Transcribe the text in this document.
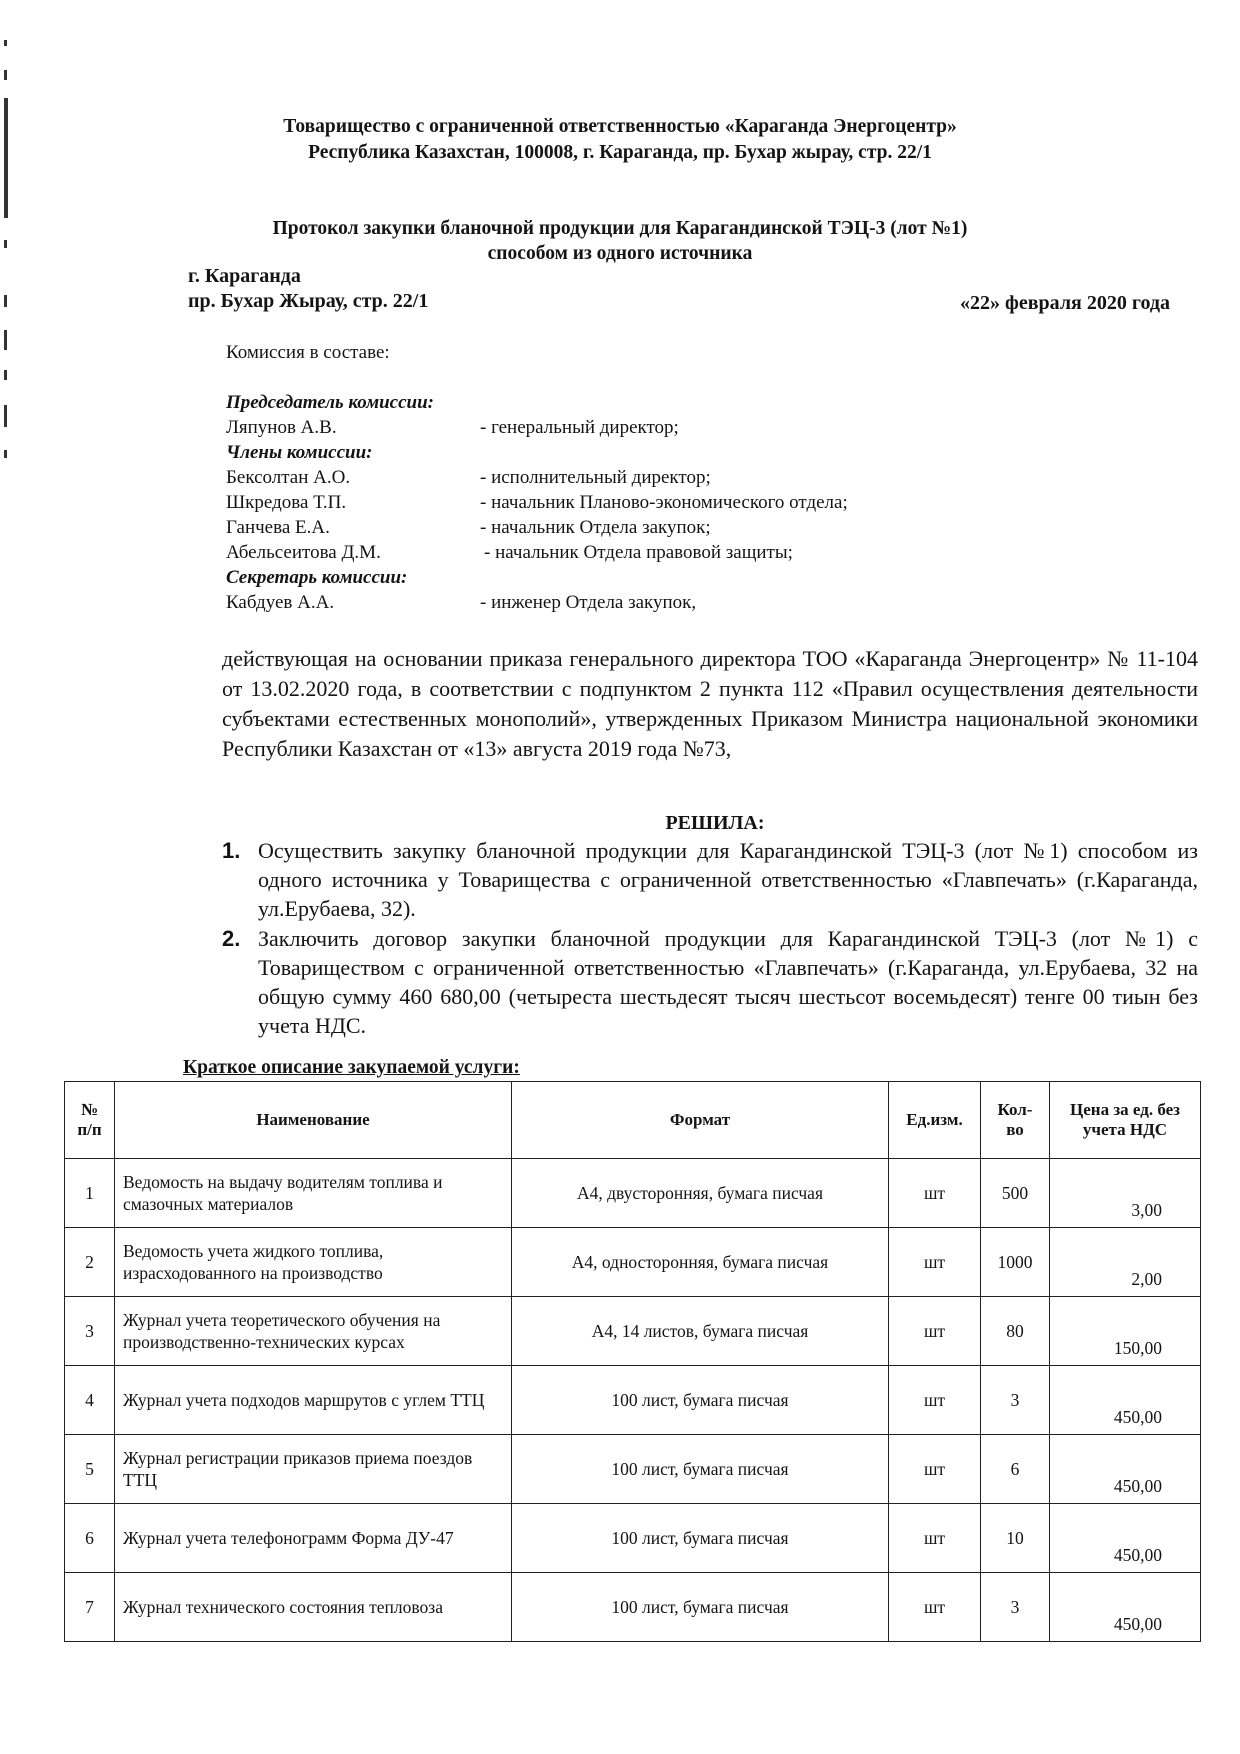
Товарищество с ограниченной ответственностью «Караганда Энергоцентр»
Республика Казахстан, 100008, г. Караганда, пр. Бухар жырау, стр. 22/1
Протокол закупки бланочной продукции для Карагандинской ТЭЦ-3 (лот №1)
способом из одного источника
г. Караганда
пр. Бухар Жырау, стр. 22/1	«22» февраля 2020 года
Комиссия в составе:
Председатель комиссии:
Ляпунов А.В.	- генеральный директор;
Члены комиссии:
Бексолтан А.О.	- исполнительный директор;
Шкредова Т.П.	- начальник Планово-экономического отдела;
Ганчева Е.А.	- начальник Отдела закупок;
Абельсеитова Д.М.	- начальник Отдела правовой защиты;
Секретарь комиссии:
Кабдуев А.А.	- инженер Отдела закупок,
действующая на основании приказа генерального директора ТОО «Караганда Энергоцентр» № 11-104 от 13.02.2020 года, в соответствии с подпунктом 2 пункта 112 «Правил осуществления деятельности субъектами естественных монополий», утвержденных Приказом Министра национальной экономики Республики Казахстан от «13» августа 2019 года №73,
РЕШИЛА:
1. Осуществить закупку бланочной продукции для Карагандинской ТЭЦ-3 (лот №1) способом из одного источника у Товарищества с ограниченной ответственностью «Главпечать» (г.Караганда, ул.Ерубаева, 32).
2. Заключить договор закупки бланочной продукции для Карагандинской ТЭЦ-3 (лот №1) с Товариществом с ограниченной ответственностью «Главпечать» (г.Караганда, ул.Ерубаева, 32 на общую сумму 460 680,00 (четыреста шестьдесят тысяч шестьсот восемьдесят) тенге 00 тиын без учета НДС.
Краткое описание закупаемой услуги:
№ п/п	Наименование	Формат	Ед.изм.	Кол-во	Цена за ед. без учета НДС
1	Ведомость на выдачу водителям топлива и смазочных материалов	А4, двусторонняя, бумага писчая	шт	500	3,00
2	Ведомость учета жидкого топлива, израсходованного на производство	А4, односторонняя, бумага писчая	шт	1000	2,00
3	Журнал учета теоретического обучения на производственно-технических курсах	А4, 14 листов, бумага писчая	шт	80	150,00
4	Журнал учета подходов маршрутов с углем ТТЦ	100 лист, бумага писчая	шт	3	450,00
5	Журнал регистрации приказов приема поездов ТТЦ	100 лист, бумага писчая	шт	6	450,00
6	Журнал учета телефонограмм Форма ДУ-47	100 лист, бумага писчая	шт	10	450,00
7	Журнал технического состояния тепловоза	100 лист, бумага писчая	шт	3	450,00
